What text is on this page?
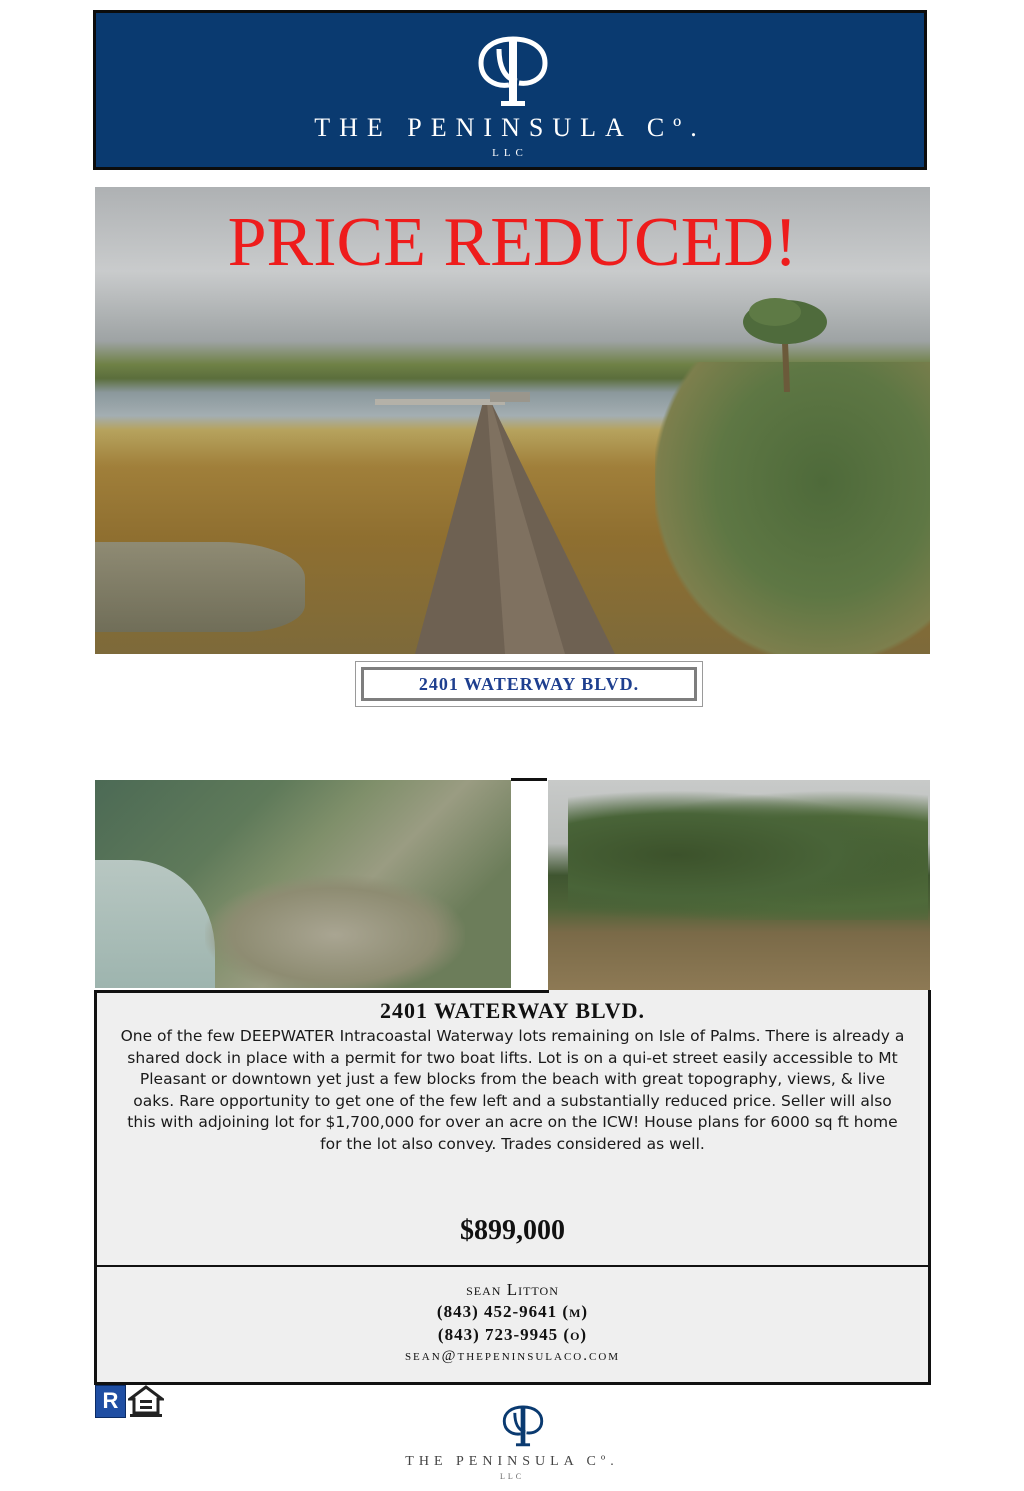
THE PENINSULA Cº.
LLC
PRICE REDUCED!
2401 WATERWAY BLVD.
2401 WATERWAY BLVD.
One of the few DEEPWATER Intracoastal Waterway lots remaining on Isle of Palms. There is already a shared dock in place with a permit for two boat lifts. Lot is on a qui-et street easily accessible to Mt Pleasant or downtown yet just a few blocks from the beach with great topography, views, & live oaks. Rare opportunity to get one of the few left and a substantially reduced price. Seller will also this with adjoining lot for $1,700,000 for over an acre on the ICW! House plans for 6000 sq ft home for the lot also convey. Trades considered as well.
$899,000
sean Litton
(843) 452-9641 (m)
(843) 723-9945 (o)
sean@thepeninsulaco.com
R
THE PENINSULA Cº.
LLC
